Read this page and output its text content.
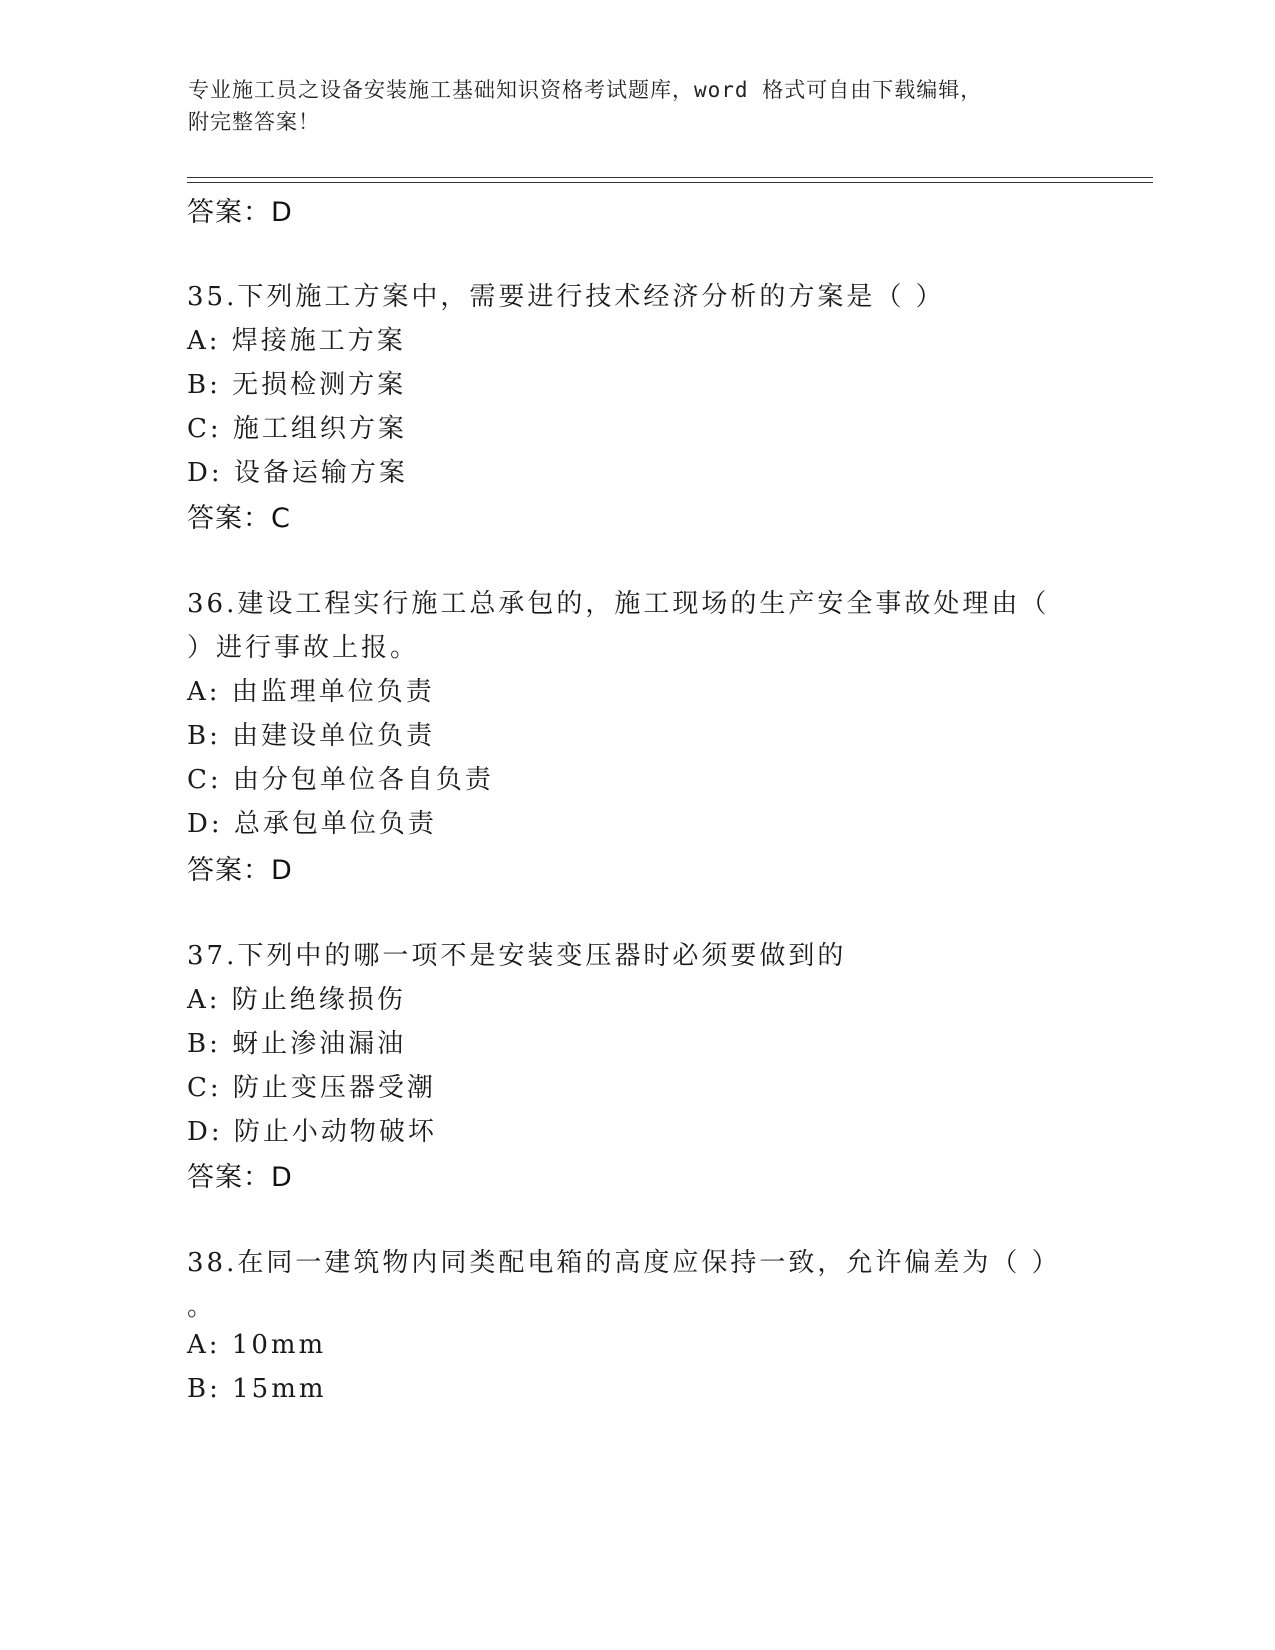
专业施工员之设备安装施工基础知识资格考试题库，word 格式可自由下载编辑，
附完整答案！
答案：D
35.下列施工方案中，需要进行技术经济分析的方案是（ ）
A: 焊接施工方案
B: 无损检测方案
C: 施工组织方案
D: 设备运输方案
答案：C
36.建设工程实行施工总承包的，施工现场的生产安全事故处理由（
）进行事故上报。
A: 由监理单位负责
B: 由建设单位负责
C: 由分包单位各自负责
D: 总承包单位负责
答案：D
37.下列中的哪一项不是安装变压器时必须要做到的
A: 防止绝缘损伤
B: 蚜止渗油漏油
C: 防止变压器受潮
D: 防止小动物破坏
答案：D
38.在同一建筑物内同类配电箱的高度应保持一致，允许偏差为（ ）
。
A: 10mm
B: 15mm
